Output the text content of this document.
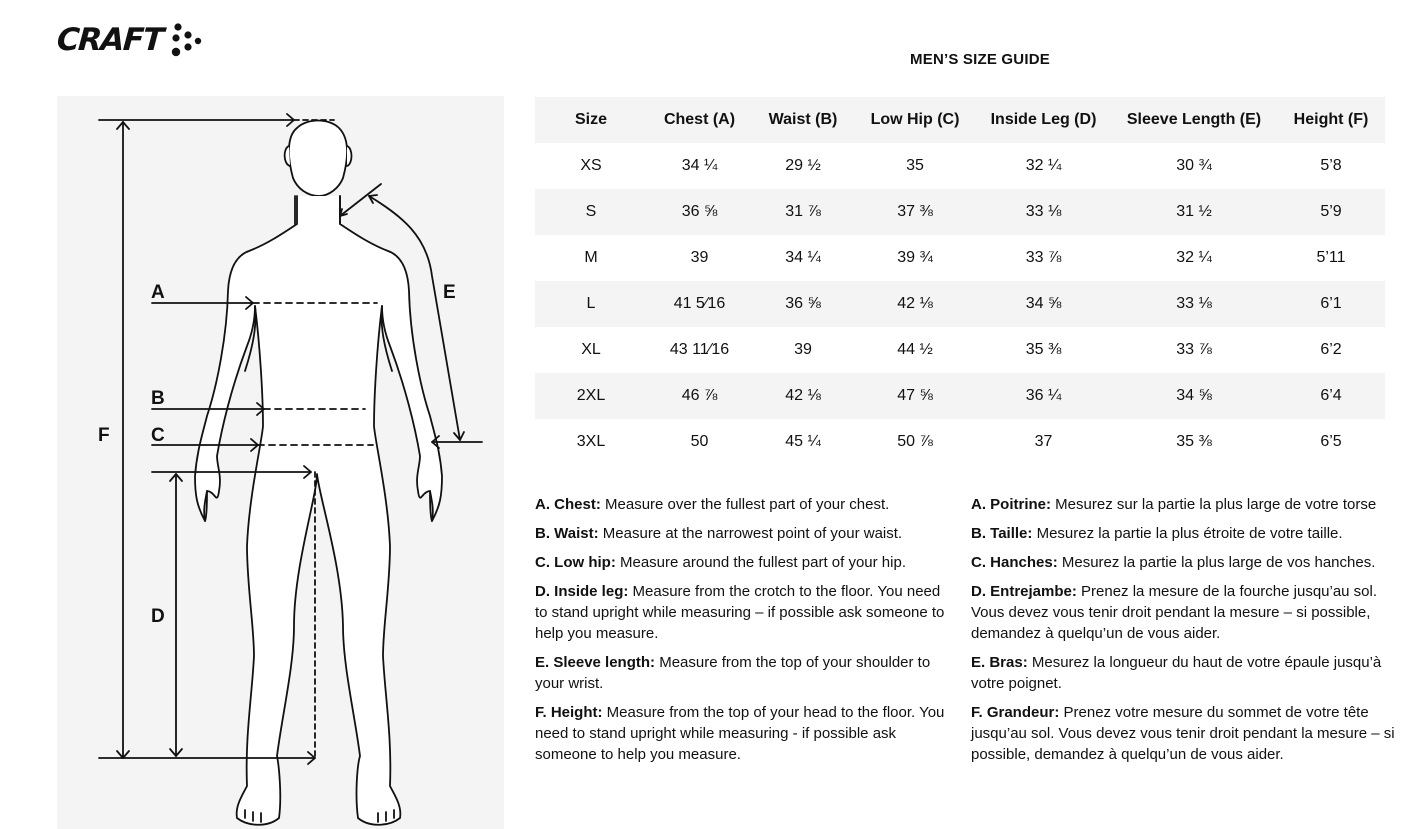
CRAFT
MEN’S SIZE GUIDE
A
B
C
D
E
F
Size	Chest (A)	Waist (B)	Low Hip (C)	Inside Leg (D)	Sleeve Length (E)	Height (F)
XS	34 ¼	29 ½	35	32 ¼	30 ¾	5’8
S	36 ⅝	31 ⅞	37 ⅜	33 ⅛	31 ½	5’9
M	39	34 ¼	39 ¾	33 ⅞	32 ¼	5’11
L	41 5⁄16	36 ⅝	42 ⅛	34 ⅝	33 ⅛	6’1
XL	43 11⁄16	39	44 ½	35 ⅜	33 ⅞	6’2
2XL	46 ⅞	42 ⅛	47 ⅝	36 ¼	34 ⅝	6’4
3XL	50	45 ¼	50 ⅞	37	35 ⅜	6’5

A. Chest: Measure over the fullest part of your chest.

B. Waist: Measure at the narrowest point of your waist.

C. Low hip: Measure around the fullest part of your hip.

D. Inside leg: Measure from the crotch to the floor. You need to stand upright while measuring – if possible ask someone to help you measure.

E. Sleeve length: Measure from the top of your shoulder to your wrist.

F. Height: Measure from the top of your head to the floor. You need to stand upright while measuring - if possible ask someone to help you measure.

A. Poitrine: Mesurez sur la partie la plus large de votre torse

B. Taille: Mesurez la partie la plus étroite de votre taille.

C. Hanches: Mesurez la partie la plus large de vos hanches.

D. Entrejambe: Prenez la mesure de la fourche jusqu’au sol. Vous devez vous tenir droit pendant la mesure – si possible, demandez à quelqu’un de vous aider.

E. Bras: Mesurez la longueur du haut de votre épaule jusqu’à votre poignet.

F. Grandeur: Prenez votre mesure du sommet de votre tête jusqu’au sol. Vous devez vous tenir droit pendant la mesure – si possible, demandez à quelqu’un de vous aider.
